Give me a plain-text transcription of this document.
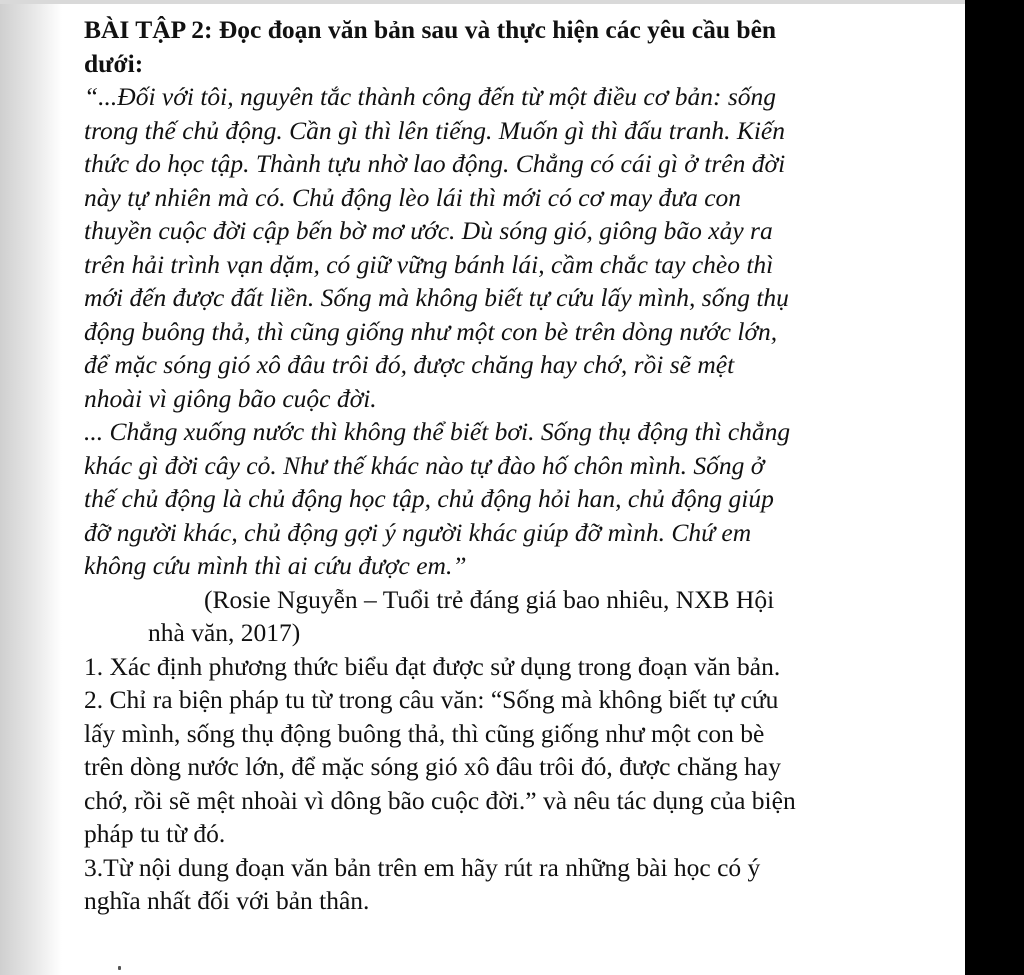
BÀI TẬP 2: Đọc đoạn văn bản sau và thực hiện các yêu cầu bên
dưới:
“...Đối với tôi, nguyên tắc thành công đến từ một điều cơ bản: sống
trong thế chủ động. Cần gì thì lên tiếng. Muốn gì thì đấu tranh. Kiến
thức do học tập. Thành tựu nhờ lao động. Chẳng có cái gì ở trên đời
này tự nhiên mà có. Chủ động lèo lái thì mới có cơ may đưa con
thuyền cuộc đời cập bến bờ mơ ước. Dù sóng gió, giông bão xảy ra
trên hải trình vạn dặm, có giữ vững bánh lái, cầm chắc tay chèo thì
mới đến được đất liền. Sống mà không biết tự cứu lấy mình, sống thụ
động buông thả, thì cũng giống như một con bè trên dòng nước lớn,
để mặc sóng gió xô đâu trôi đó, được chăng hay chớ, rồi sẽ mệt
nhoài vì giông bão cuộc đời.
... Chẳng xuống nước thì không thể biết bơi. Sống thụ động thì chẳng
khác gì đời cây cỏ. Như thế khác nào tự đào hố chôn mình. Sống ở
thế chủ động là chủ động học tập, chủ động hỏi han, chủ động giúp
đỡ người khác, chủ động gợi ý người khác giúp đỡ mình. Chứ em
không cứu mình thì ai cứu được em.”
(Rosie Nguyễn – Tuổi trẻ đáng giá bao nhiêu, NXB Hội
nhà văn, 2017)
1. Xác định phương thức biểu đạt được sử dụng trong đoạn văn bản.
2. Chỉ ra biện pháp tu từ trong câu văn: “Sống mà không biết tự cứu
lấy mình, sống thụ động buông thả, thì cũng giống như một con bè
trên dòng nước lớn, để mặc sóng gió xô đâu trôi đó, được chăng hay
chớ, rồi sẽ mệt nhoài vì dông bão cuộc đời.” và nêu tác dụng của biện
pháp tu từ đó.
3.Từ nội dung đoạn văn bản trên em hãy rút ra những bài học có ý
nghĩa nhất đối với bản thân.
